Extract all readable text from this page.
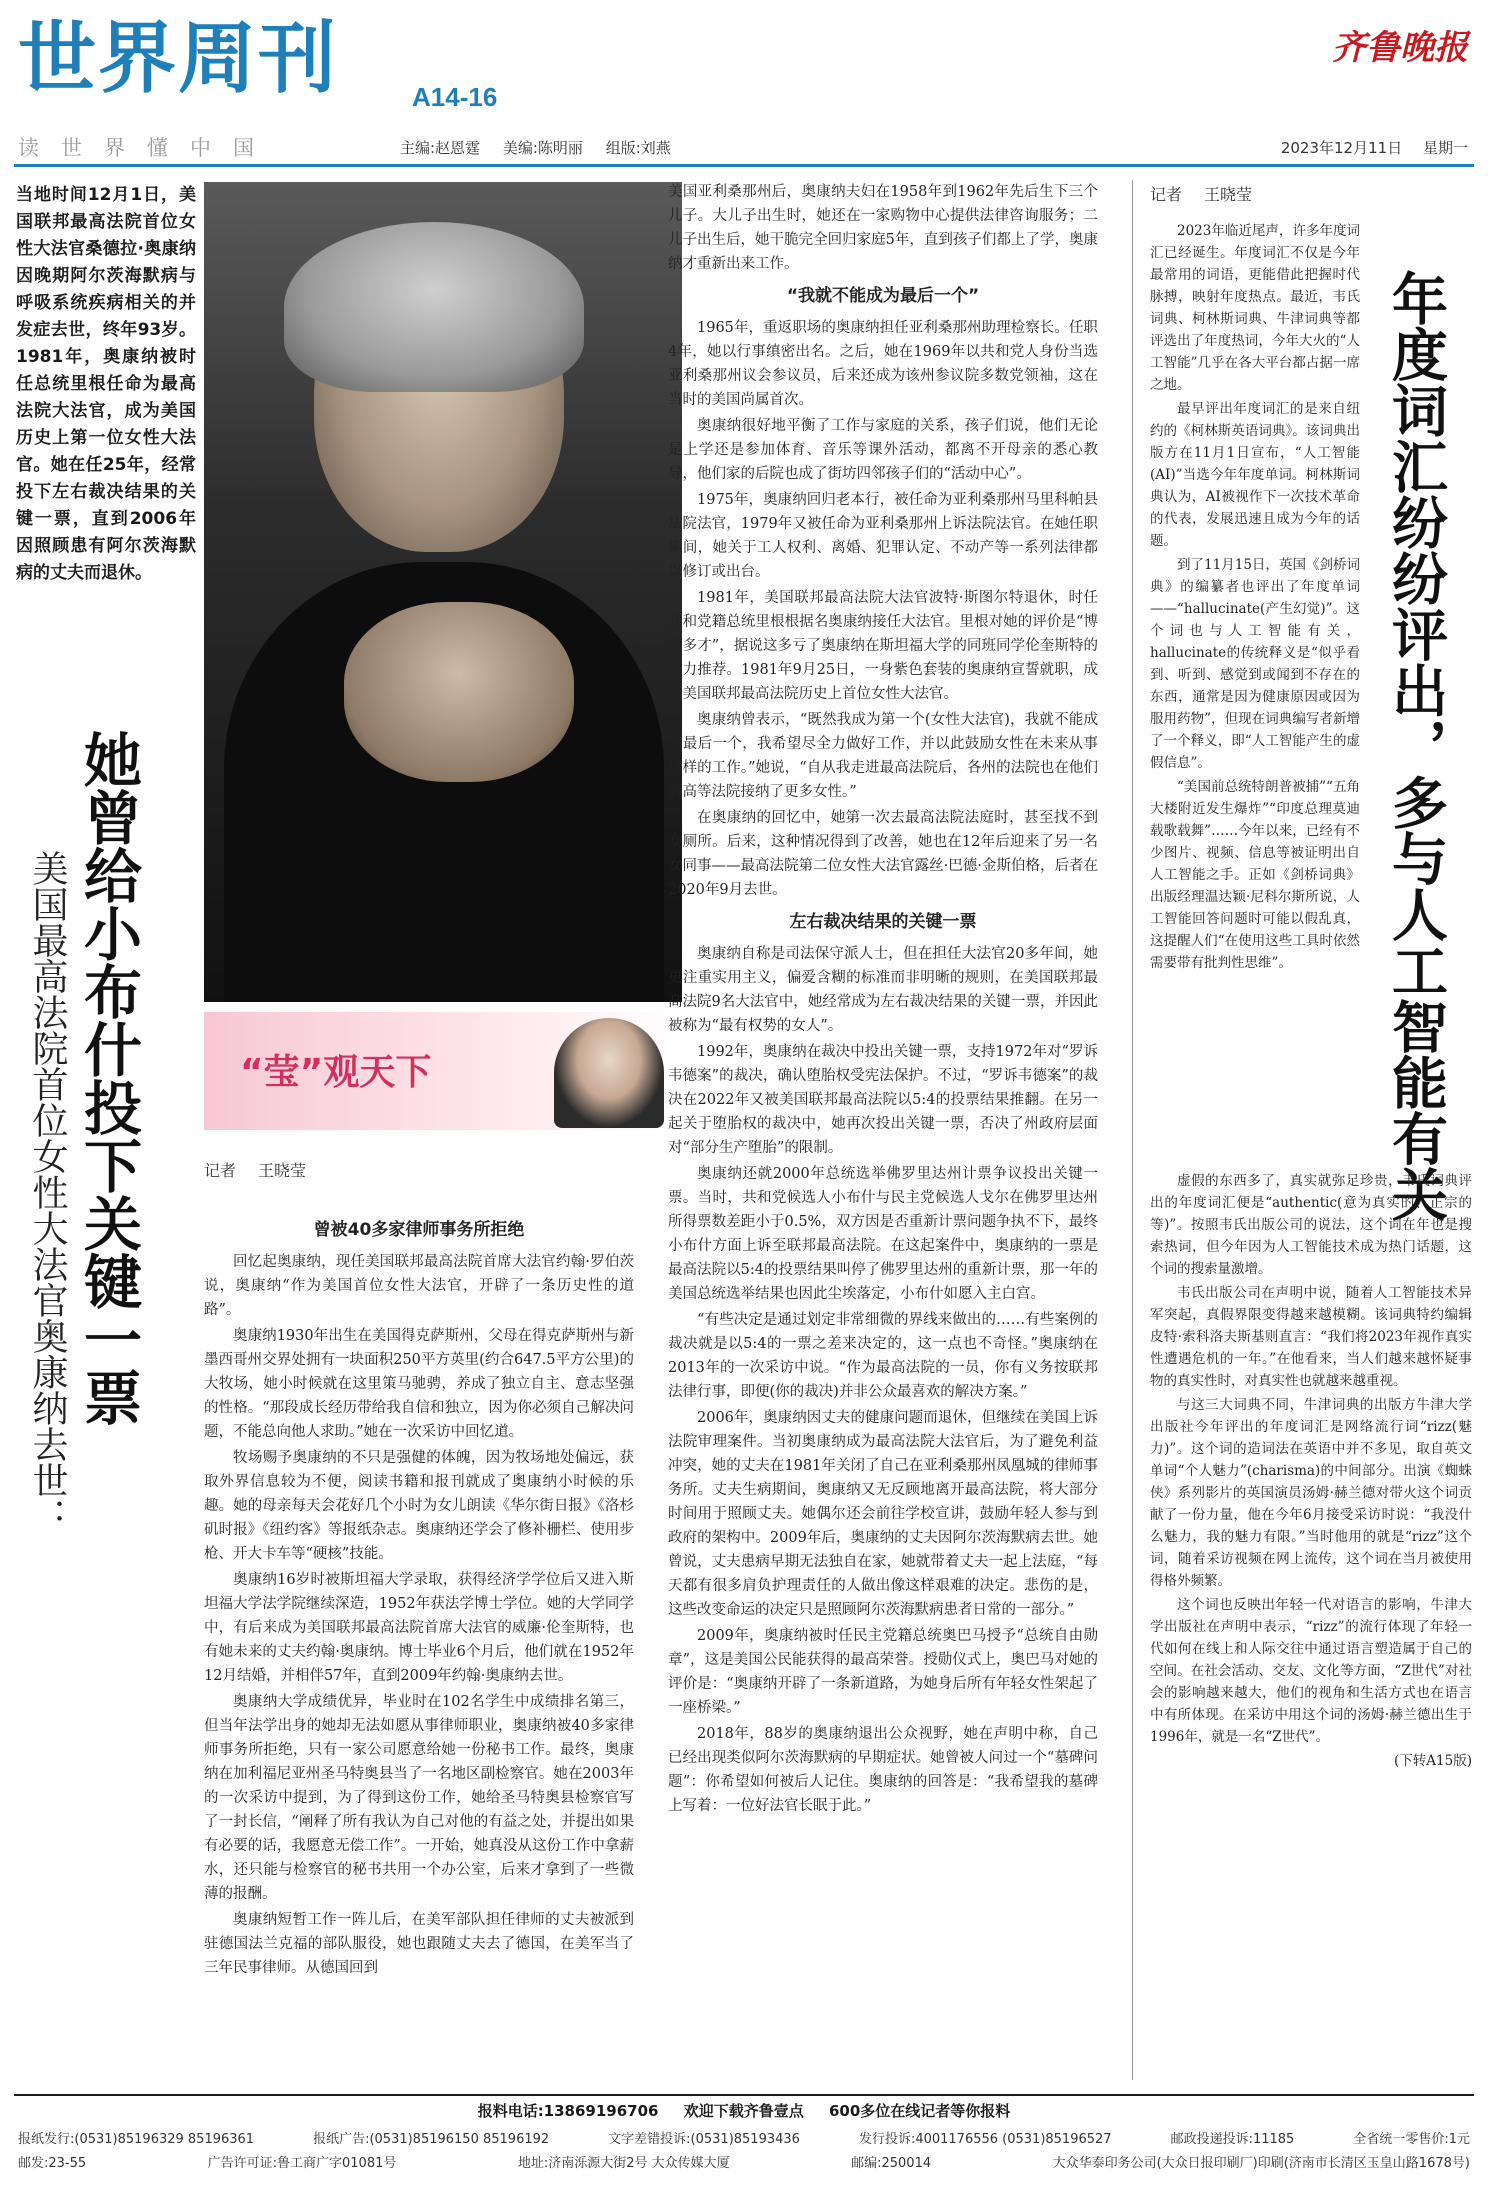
世界周刊	A14-16
齐鲁晚报
读世界懂中国	主编:赵恩霆 美编:陈明丽 组版:刘燕	2023年12月11日 星期一
当地时间12月1日，美国联邦最高法院首位女性大法官桑德拉·奥康纳因晚期阿尔茨海默病与呼吸系统疾病相关的并发症去世，终年93岁。1981年，奥康纳被时任总统里根任命为最高法院大法官，成为美国历史上第一位女性大法官。她在任25年，经常投下左右裁决结果的关键一票，直到2006年因照顾患有阿尔茨海默病的丈夫而退休。
她曾给小布什投下关键一票
美国最高法院首位女性大法官奥康纳去世：	“莹”观天下
记者 王晓莹
曾被40多家律师事务所拒绝

回忆起奥康纳，现任美国联邦最高法院首席大法官约翰·罗伯茨说，奥康纳“作为美国首位女性大法官，开辟了一条历史性的道路”。

奥康纳1930年出生在美国得克萨斯州，父母在得克萨斯州与新墨西哥州交界处拥有一块面积250平方英里(约合647.5平方公里)的大牧场，她小时候就在这里策马驰骋，养成了独立自主、意志坚强的性格。“那段成长经历带给我自信和独立，因为你必须自己解决问题，不能总向他人求助。”她在一次采访中回忆道。

牧场赐予奥康纳的不只是强健的体魄，因为牧场地处偏远，获取外界信息较为不便，阅读书籍和报刊就成了奥康纳小时候的乐趣。她的母亲每天会花好几个小时为女儿朗读《华尔街日报》《洛杉矶时报》《纽约客》等报纸杂志。奥康纳还学会了修补栅栏、使用步枪、开大卡车等“硬核”技能。

奥康纳16岁时被斯坦福大学录取，获得经济学学位后又进入斯坦福大学法学院继续深造，1952年获法学博士学位。她的大学同学中，有后来成为美国联邦最高法院首席大法官的威廉·伦奎斯特，也有她未来的丈夫约翰·奥康纳。博士毕业6个月后，他们就在1952年12月结婚，并相伴57年，直到2009年约翰·奥康纳去世。

奥康纳大学成绩优异，毕业时在102名学生中成绩排名第三，但当年法学出身的她却无法如愿从事律师职业，奥康纳被40多家律师事务所拒绝，只有一家公司愿意给她一份秘书工作。最终，奥康纳在加利福尼亚州圣马特奥县当了一名地区副检察官。她在2003年的一次采访中提到，为了得到这份工作，她给圣马特奥县检察官写了一封长信，“阐释了所有我认为自己对他的有益之处，并提出如果有必要的话，我愿意无偿工作”。一开始，她真没从这份工作中拿薪水，还只能与检察官的秘书共用一个办公室，后来才拿到了一些微薄的报酬。

奥康纳短暂工作一阵儿后，在美军部队担任律师的丈夫被派到驻德国法兰克福的部队服役，她也跟随丈夫去了德国，在美军当了三年民事律师。从德国回到

美国亚利桑那州后，奥康纳夫妇在1958年到1962年先后生下三个儿子。大儿子出生时，她还在一家购物中心提供法律咨询服务；二儿子出生后，她干脆完全回归家庭5年，直到孩子们都上了学，奥康纳才重新出来工作。

“我就不能成为最后一个”

1965年，重返职场的奥康纳担任亚利桑那州助理检察长。任职4年，她以行事缜密出名。之后，她在1969年以共和党人身份当选亚利桑那州议会参议员，后来还成为该州参议院多数党领袖，这在当时的美国尚属首次。

奥康纳很好地平衡了工作与家庭的关系，孩子们说，他们无论是上学还是参加体育、音乐等课外活动，都离不开母亲的悉心教导，他们家的后院也成了街坊四邻孩子们的“活动中心”。

1975年，奥康纳回归老本行，被任命为亚利桑那州马里科帕县法院法官，1979年又被任命为亚利桑那州上诉法院法官。在她任职期间，她关于工人权利、离婚、犯罪认定、不动产等一系列法律都以修订或出台。

1981年，美国联邦最高法院大法官波特·斯图尔特退休，时任共和党籍总统里根根据名奥康纳接任大法官。里根对她的评价是“博学多才”，据说这多亏了奥康纳在斯坦福大学的同班同学伦奎斯特的大力推荐。1981年9月25日，一身紫色套装的奥康纳宣誓就职，成为美国联邦最高法院历史上首位女性大法官。

奥康纳曾表示，“既然我成为第一个(女性大法官)，我就不能成为最后一个，我希望尽全力做好工作，并以此鼓励女性在未来从事这样的工作。”她说，“自从我走进最高法院后，各州的法院也在他们的高等法院接纳了更多女性。”

在奥康纳的回忆中，她第一次去最高法院法庭时，甚至找不到女厕所。后来，这种情况得到了改善，她也在12年后迎来了另一名女同事——最高法院第二位女性大法官露丝·巴德·金斯伯格，后者在2020年9月去世。

左右裁决结果的关键一票

奥康纳自称是司法保守派人士，但在担任大法官20多年间，她更注重实用主义，偏爱含糊的标准而非明晰的规则，在美国联邦最高法院9名大法官中，她经常成为左右裁决结果的关键一票，并因此被称为“最有权势的女人”。

1992年，奥康纳在裁决中投出关键一票，支持1972年对“罗诉韦德案”的裁决，确认堕胎权受宪法保护。不过，“罗诉韦德案”的裁决在2022年又被美国联邦最高法院以5:4的投票结果推翻。在另一起关于堕胎权的裁决中，她再次投出关键一票，否决了州政府层面对“部分生产堕胎”的限制。

奥康纳还就2000年总统选举佛罗里达州计票争议投出关键一票。当时，共和党候选人小布什与民主党候选人戈尔在佛罗里达州所得票数差距小于0.5%，双方因是否重新计票问题争执不下，最终小布什方面上诉至联邦最高法院。在这起案件中，奥康纳的一票是最高法院以5:4的投票结果叫停了佛罗里达州的重新计票，那一年的美国总统选举结果也因此尘埃落定，小布什如愿入主白宫。

“有些决定是通过划定非常细微的界线来做出的……有些案例的裁决就是以5:4的一票之差来决定的，这一点也不奇怪。”奥康纳在2013年的一次采访中说。“作为最高法院的一员，你有义务按联邦法律行事，即便(你的裁决)并非公众最喜欢的解决方案。”

2006年，奥康纳因丈夫的健康问题而退休，但继续在美国上诉法院审理案件。当初奥康纳成为最高法院大法官后，为了避免利益冲突，她的丈夫在1981年关闭了自己在亚利桑那州凤凰城的律师事务所。丈夫生病期间，奥康纳又无反顾地离开最高法院，将大部分时间用于照顾丈夫。她偶尔还会前往学校宣讲，鼓励年轻人参与到政府的架构中。2009年后，奥康纳的丈夫因阿尔茨海默病去世。她曾说，丈夫患病早期无法独自在家，她就带着丈夫一起上法庭，“每天都有很多肩负护理责任的人做出像这样艰难的决定。悲伤的是，这些改变命运的决定只是照顾阿尔茨海默病患者日常的一部分。”

2009年，奥康纳被时任民主党籍总统奥巴马授予“总统自由勋章”，这是美国公民能获得的最高荣誉。授勋仪式上，奥巴马对她的评价是：“奥康纳开辟了一条新道路，为她身后所有年轻女性架起了一座桥梁。”

2018年，88岁的奥康纳退出公众视野，她在声明中称，自己已经出现类似阿尔茨海默病的早期症状。她曾被人问过一个“墓碑问题”：你希望如何被后人记住。奥康纳的回答是：“我希望我的墓碑上写着：一位好法官长眠于此。”

记者 王晓莹
年度词汇纷纷评出，多与人工智能有关

2023年临近尾声，许多年度词汇已经诞生。年度词汇不仅是今年最常用的词语，更能借此把握时代脉搏，映射年度热点。最近，韦氏词典、柯林斯词典、牛津词典等都评选出了年度热词，今年大火的“人工智能”几乎在各大平台都占据一席之地。

最早评出年度词汇的是来自纽约的《柯林斯英语词典》。该词典出版方在11月1日宣布，“人工智能(AI)”当选今年年度单词。柯林斯词典认为，AI被视作下一次技术革命的代表，发展迅速且成为今年的话题。

到了11月15日，英国《剑桥词典》的编纂者也评出了年度单词——“hallucinate(产生幻觉)”。这个词也与人工智能有关，hallucinate的传统释义是“似乎看到、听到、感觉到或闻到不存在的东西，通常是因为健康原因或因为服用药物”，但现在词典编写者新增了一个释义，即“人工智能产生的虚假信息”。

“美国前总统特朗普被捕”“五角大楼附近发生爆炸”“印度总理莫迪载歌载舞”……今年以来，已经有不少图片、视频、信息等被证明出自人工智能之手。正如《剑桥词典》出版经理温达颖·尼科尔斯所说，人工智能回答问题时可能以假乱真，这提醒人们“在使用这些工具时依然需要带有批判性思维”。

虚假的东西多了，真实就弥足珍贵，韦氏词典评出的年度词汇便是“authentic(意为真实的、正宗的等)”。按照韦氏出版公司的说法，这个词在年也是搜索热词，但今年因为人工智能技术成为热门话题，这个词的搜索量激增。

韦氏出版公司在声明中说，随着人工智能技术异军突起，真假界限变得越来越模糊。该词典特约编辑皮特·索科洛夫斯基则直言：“我们将2023年视作真实性遭遇危机的一年。”在他看来，当人们越来越怀疑事物的真实性时，对真实性也就越来越重视。

与这三大词典不同，牛津词典的出版方牛津大学出版社今年评出的年度词汇是网络流行词“rizz(魅力)”。这个词的造词法在英语中并不多见，取自英文单词“个人魅力”(charisma)的中间部分。出演《蜘蛛侠》系列影片的英国演员汤姆·赫兰德对带火这个词贡献了一份力量，他在今年6月接受采访时说：“我没什么魅力，我的魅力有限。”当时他用的就是“rizz”这个词，随着采访视频在网上流传，这个词在当月被使用得格外频繁。

这个词也反映出年轻一代对语言的影响，牛津大学出版社在声明中表示，“rizz”的流行体现了年轻一代如何在线上和人际交往中通过语言塑造属于自己的空间。在社会活动、交友、文化等方面，“Z世代”对社会的影响越来越大，他们的视角和生活方式也在语言中有所体现。在采访中用这个词的汤姆·赫兰德出生于1996年，就是一名“Z世代”。

(下转A15版)
报料电话:13869196706 欢迎下载齐鲁壹点 600多位在线记者等你报料
报纸发行:(0531)85196329 85196361	报纸广告:(0531)85196150 85196192	文字差错投诉:(0531)85193436	发行投诉:4001176556 (0531)85196527	邮政投递投诉:11185	全省统一零售价:1元
邮发:23-55	广告许可证:鲁工商广字01081号	地址:济南泺源大街2号 大众传媒大厦	邮编:250014	大众华泰印务公司(大众日报印刷厂)印刷(济南市长清区玉皇山路1678号)
